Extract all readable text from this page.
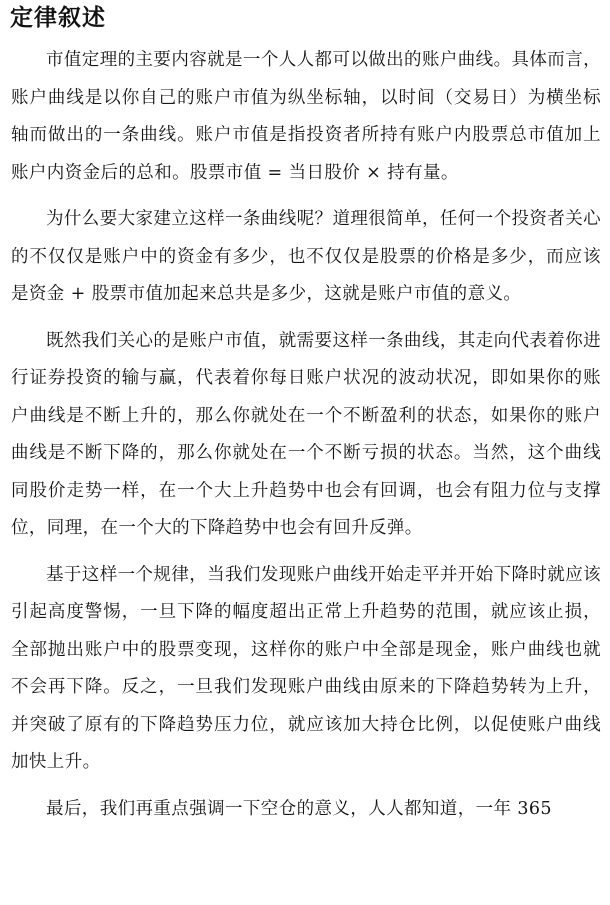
定律叙述

市值定理的主要内容就是一个人人都可以做出的账户曲线。具体而言，账户曲线是以你自己的账户市值为纵坐标轴，以时间（交易日）为横坐标轴而做出的一条曲线。账户市值是指投资者所持有账户内股票总市值加上账户内资金后的总和。股票市值 = 当日股价 × 持有量。

为什么要大家建立这样一条曲线呢？道理很简单，任何一个投资者关心的不仅仅是账户中的资金有多少，也不仅仅是股票的价格是多少，而应该是资金 + 股票市值加起来总共是多少，这就是账户市值的意义。

既然我们关心的是账户市值，就需要这样一条曲线，其走向代表着你进行证券投资的输与赢，代表着你每日账户状况的波动状况，即如果你的账户曲线是不断上升的，那么你就处在一个不断盈利的状态，如果你的账户曲线是不断下降的，那么你就处在一个不断亏损的状态。当然，这个曲线同股价走势一样，在一个大上升趋势中也会有回调，也会有阻力位与支撑位，同理，在一个大的下降趋势中也会有回升反弹。

基于这样一个规律，当我们发现账户曲线开始走平并开始下降时就应该引起高度警惕，一旦下降的幅度超出正常上升趋势的范围，就应该止损，全部抛出账户中的股票变现，这样你的账户中全部是现金，账户曲线也就不会再下降。反之，一旦我们发现账户曲线由原来的下降趋势转为上升，并突破了原有的下降趋势压力位，就应该加大持仓比例，以促使账户曲线加快上升。

最后，我们再重点强调一下空仓的意义，人人都知道，一年 365
